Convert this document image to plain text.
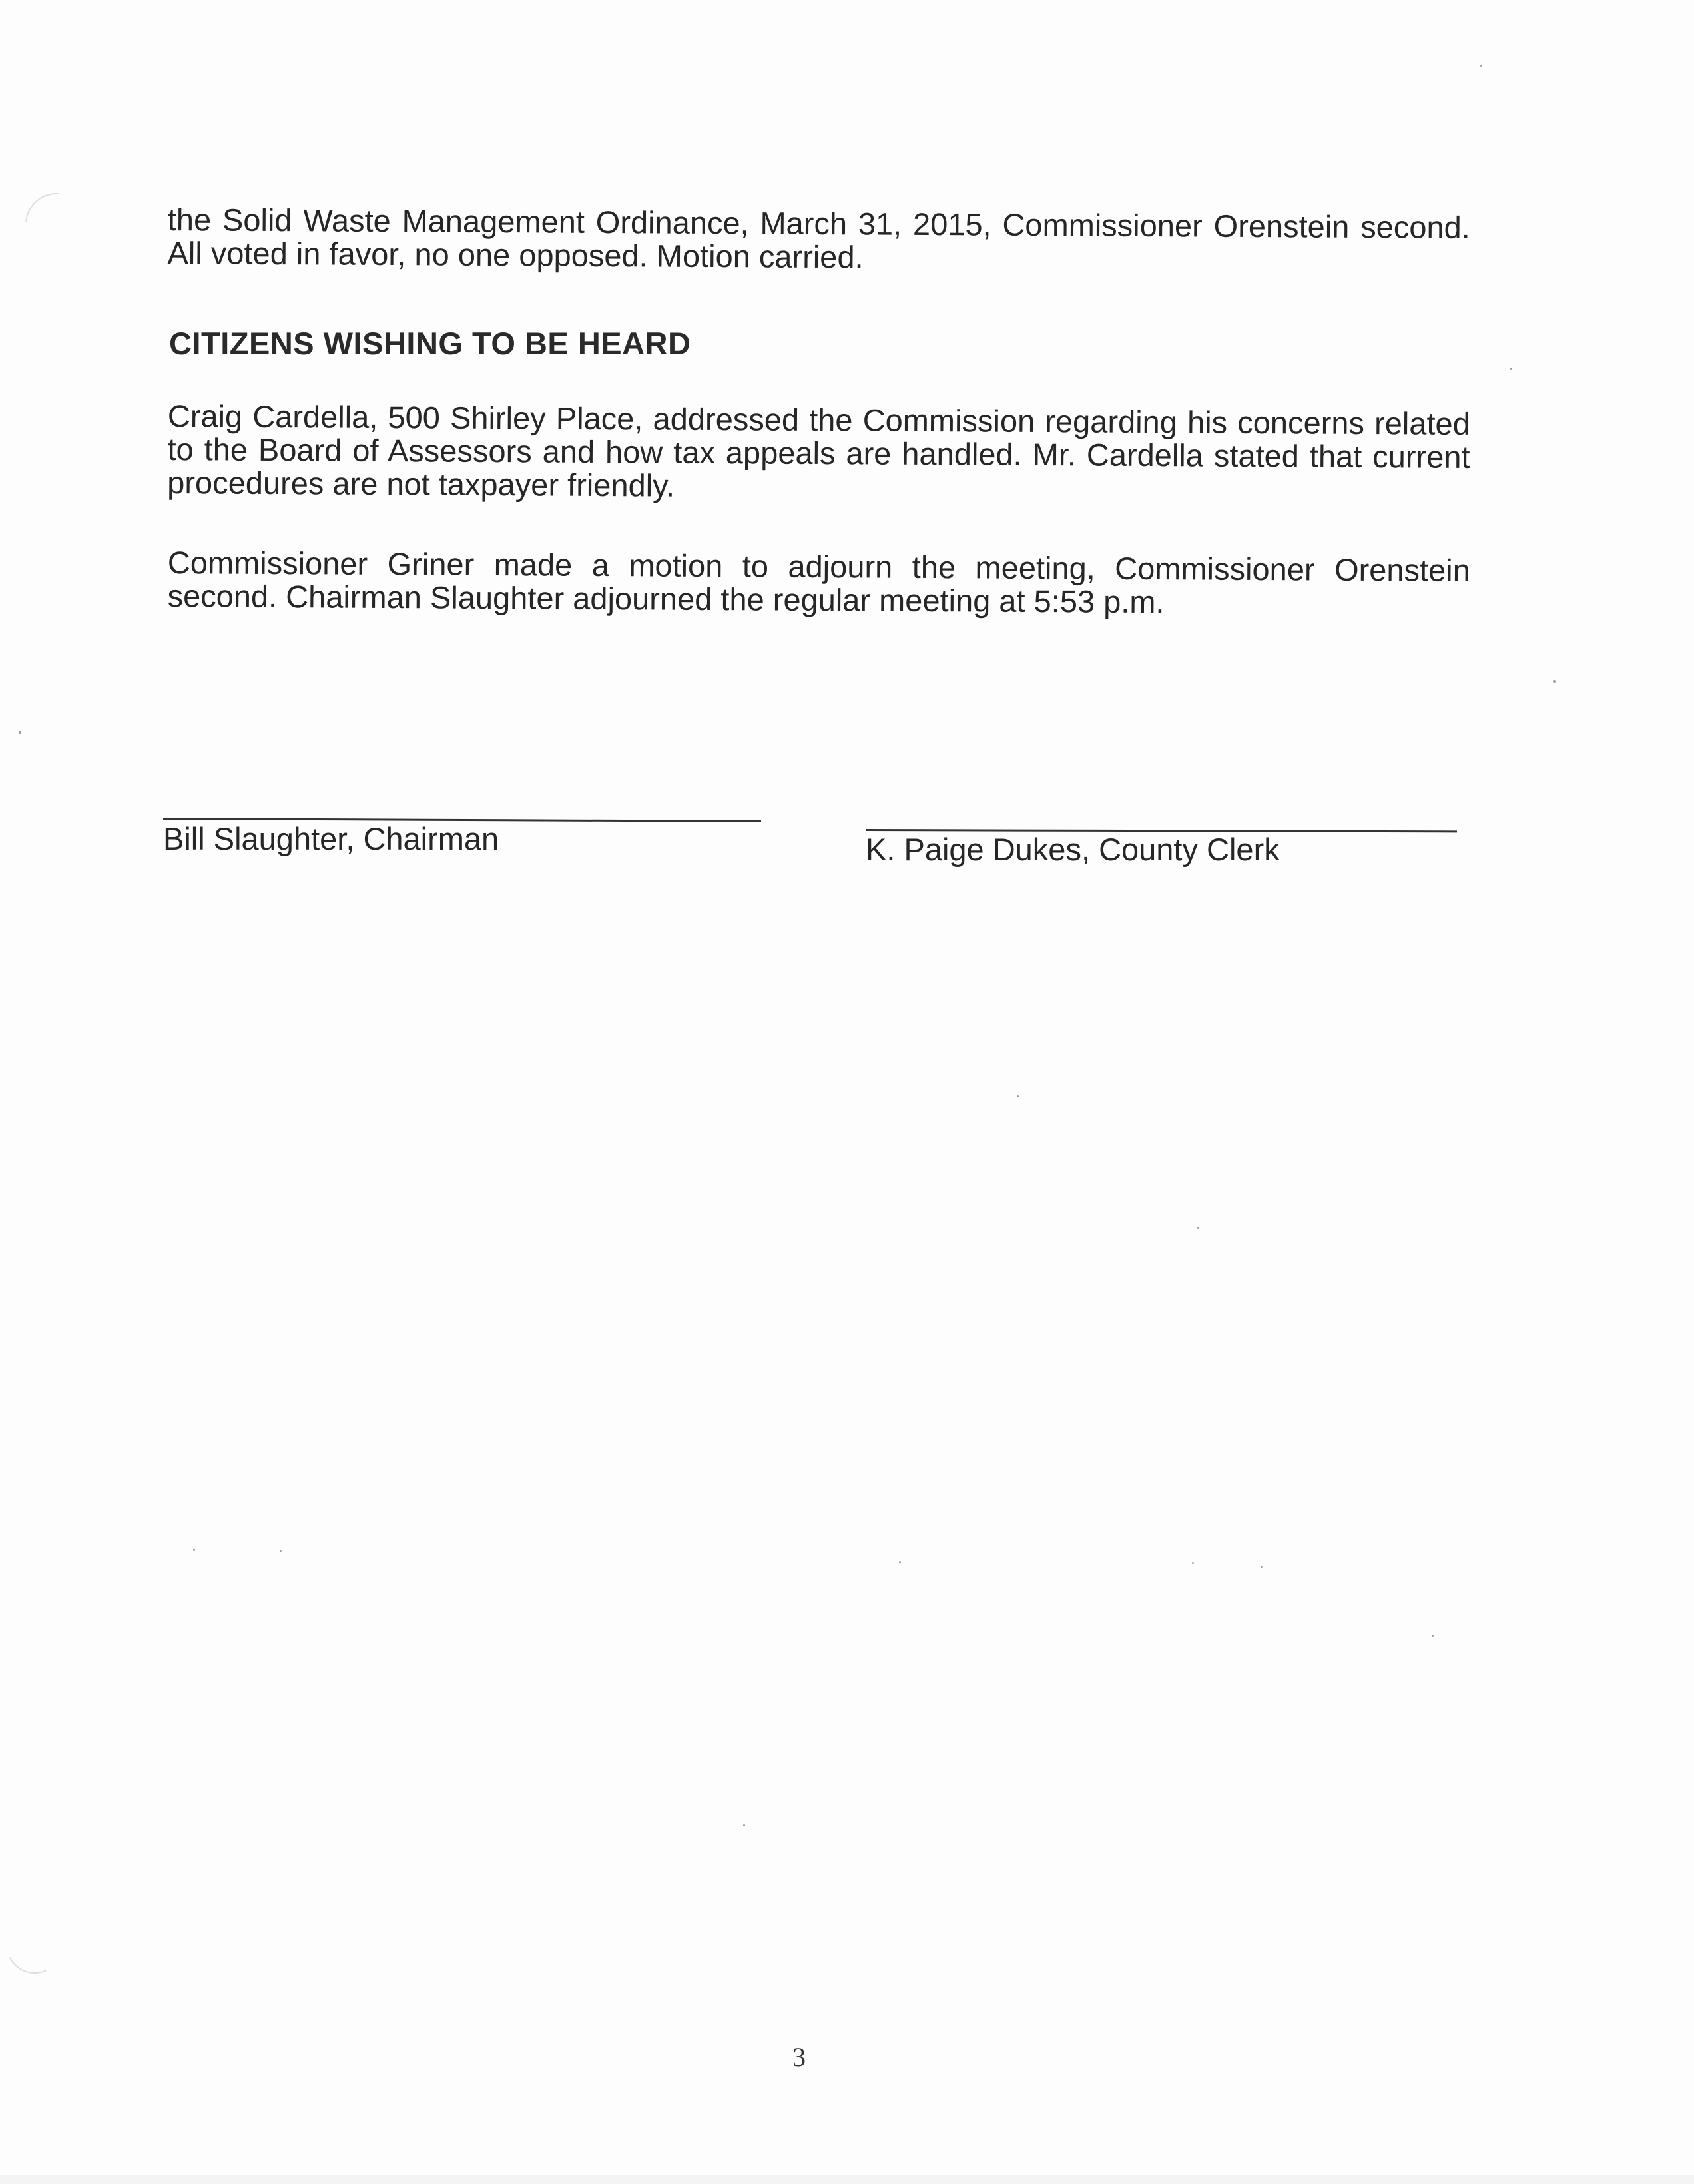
the Solid Waste Management Ordinance, March 31, 2015, Commissioner Orenstein second. All voted in favor, no one opposed. Motion carried.

CITIZENS WISHING TO BE HEARD

Craig Cardella, 500 Shirley Place, addressed the Commission regarding his concerns related to the Board of Assessors and how tax appeals are handled. Mr. Cardella stated that current procedures are not taxpayer friendly.

Commissioner Griner made a motion to adjourn the meeting, Commissioner Orenstein second. Chairman Slaughter adjourned the regular meeting at 5:53 p.m.

Bill Slaughter, Chairman	K. Paige Dukes, County Clerk

3
